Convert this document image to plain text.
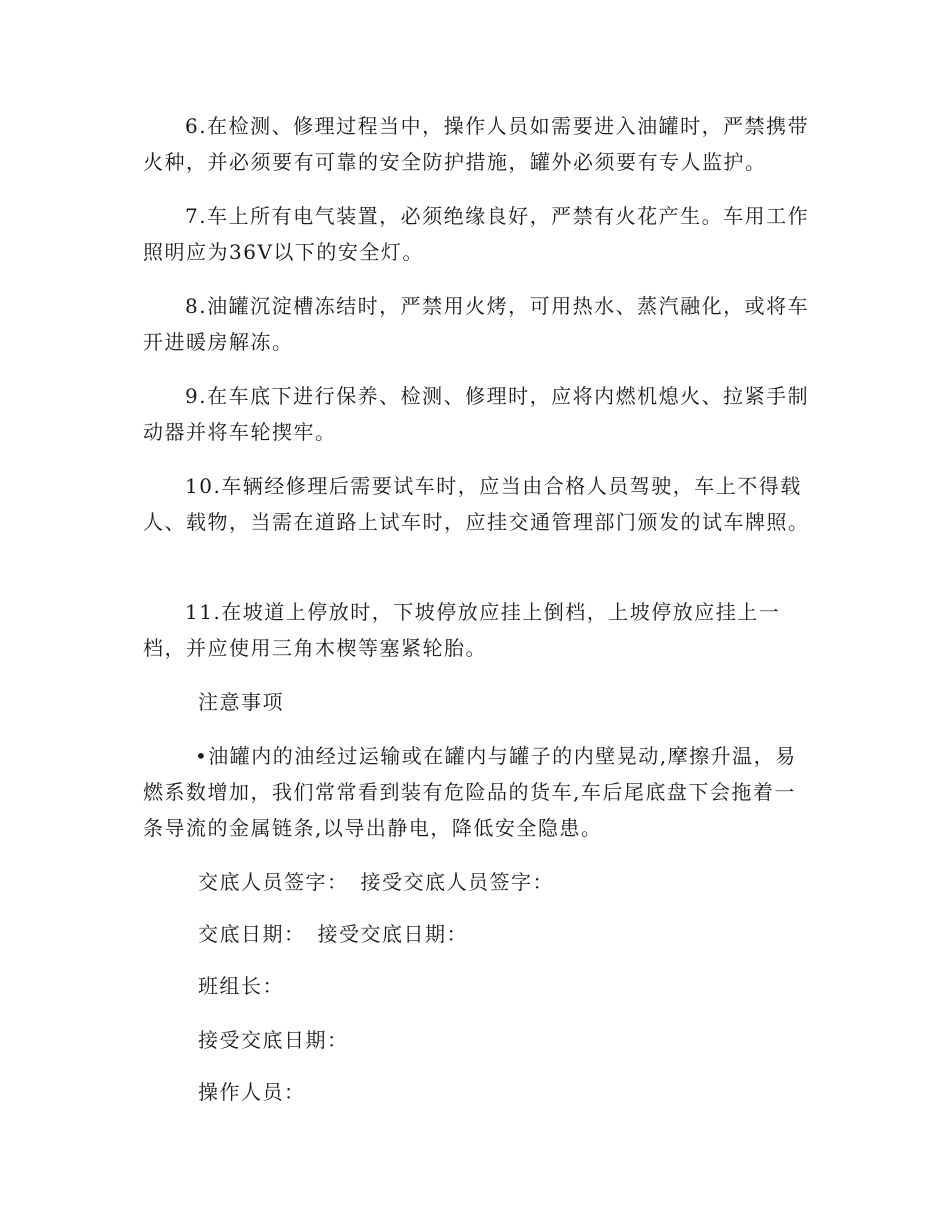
6.在检测、修理过程当中，操作人员如需要进入油罐时，严禁携带火种，并必须要有可靠的安全防护措施，罐外必须要有专人监护。

7.车上所有电气装置，必须绝缘良好，严禁有火花产生。车用工作照明应为36V以下的安全灯。

8.油罐沉淀槽冻结时，严禁用火烤，可用热水、蒸汽融化，或将车开进暖房解冻。

9.在车底下进行保养、检测、修理时，应将内燃机熄火、拉紧手制动器并将车轮揳牢。

10.车辆经修理后需要试车时，应当由合格人员驾驶，车上不得载人、载物，当需在道路上试车时，应挂交通管理部门颁发的试车牌照。

11.在坡道上停放时，下坡停放应挂上倒档，上坡停放应挂上一档，并应使用三角木楔等塞紧轮胎。

注意事项

•油罐内的油经过运输或在罐内与罐子的内壁晃动,摩擦升温，易燃系数增加，我们常常看到装有危险品的货车,车后尾底盘下会拖着一条导流的金属链条,以导出静电，降低安全隐患。

交底人员签字： 接受交底人员签字：
交底日期： 接受交底日期：

班组长：

接受交底日期：

操作人员：
